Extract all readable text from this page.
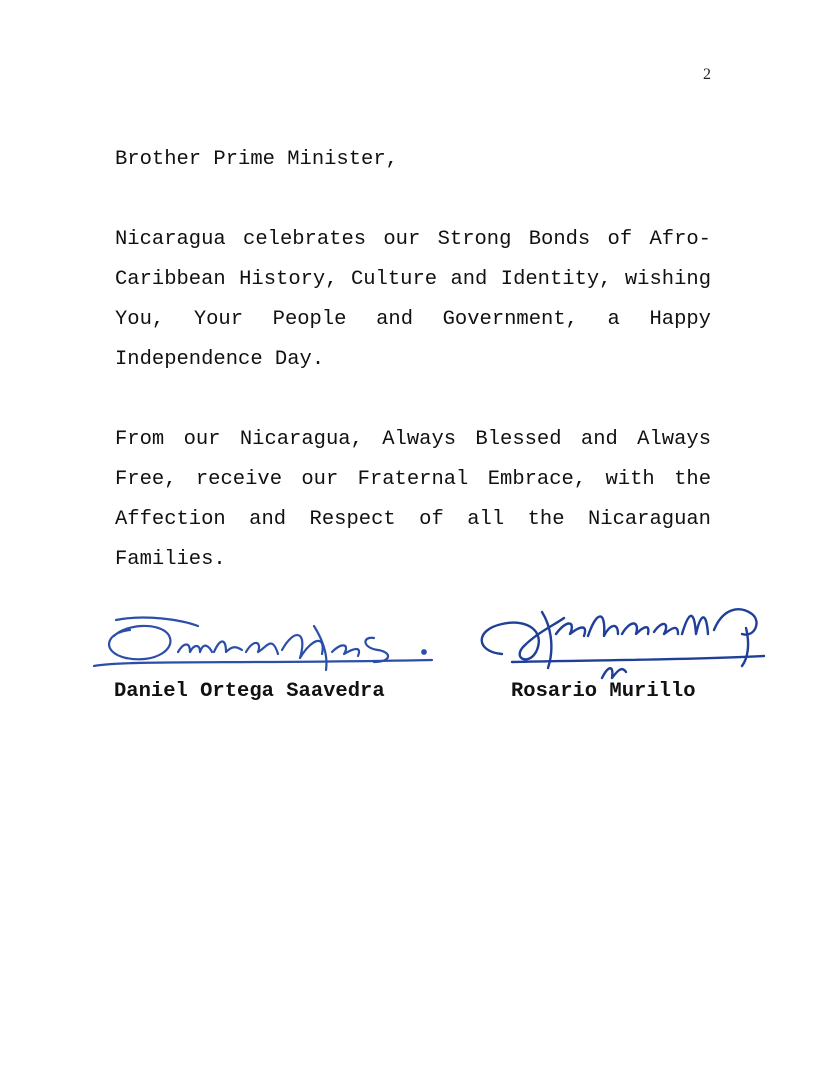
2
Brother Prime Minister,

Nicaragua celebrates our Strong Bonds of Afro-Caribbean History, Culture and Identity, wishing You, Your People and Government, a Happy Independence Day.

From our Nicaragua, Always Blessed and Always Free, receive our Fraternal Embrace, with the Affection and Respect of all the Nicaraguan Families.

Daniel Ortega Saavedra	Rosario Murillo
